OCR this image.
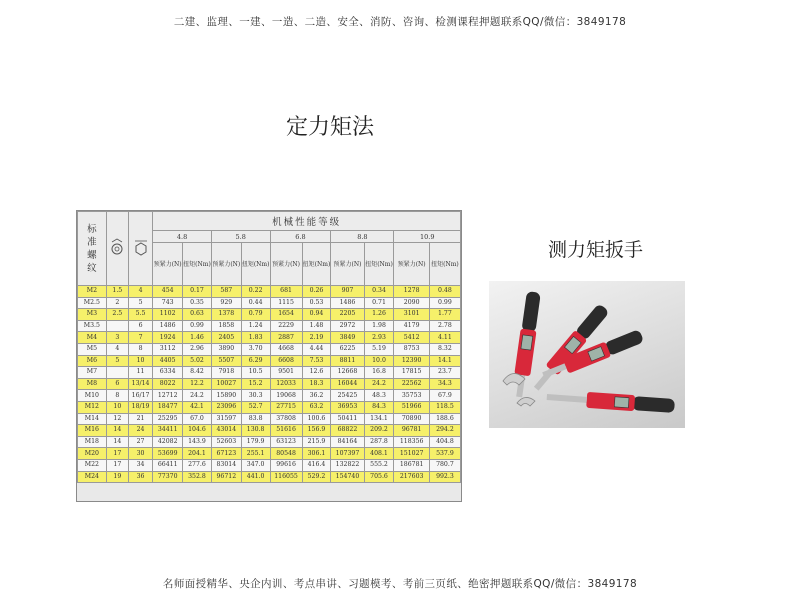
二建、监理、一建、一造、二造、安全、消防、咨询、检测课程押题联系QQ/微信：3849178
定力矩法
标
准
螺
纹			机械性能等级									
			4.8		5.8		6.8		8.8		10.9	
			预紧力(N)	扭矩(Nm)	预紧力(N)	扭矩(Nm)	预紧力(N)	扭矩(Nm)	预紧力(N)	扭矩(Nm)	预紧力(N)	扭矩(Nm)
M2	1.5	4	454	0.17	587	0.22	681	0.26	907	0.34	1278	0.48
M2.5	2	5	743	0.35	929	0.44	1115	0.53	1486	0.71	2090	0.99
M3	2.5	5.5	1102	0.63	1378	0.79	1654	0.94	2205	1.26	3101	1.77
M3.5		6	1486	0.99	1858	1.24	2229	1.48	2972	1.98	4179	2.78
M4	3	7	1924	1.46	2405	1.83	2887	2.19	3849	2.93	5412	4.11
M5	4	8	3112	2.96	3890	3.70	4668	4.44	6225	5.19	8753	8.32
M6	5	10	4405	5.02	5507	6.29	6608	7.53	8811	10.0	12390	14.1
M7		11	6334	8.42	7918	10.5	9501	12.6	12668	16.8	17815	23.7
M8	6	13/14	8022	12.2	10027	15.2	12033	18.3	16044	24.2	22562	34.3
M10	8	16/17	12712	24.2	15890	30.3	19068	36.2	25425	48.3	35753	67.9
M12	10	18/19	18477	42.1	23096	52.7	27715	63.2	36953	84.3	51966	118.5
M14	12	21	25295	67.0	31597	83.8	37808	100.6	50411	134.1	70890	188.6
M16	14	24	34411	104.6	43014	130.8	51616	156.9	68822	209.2	96781	294.2
M18	14	27	42082	143.9	52603	179.9	63123	215.9	84164	287.8	118356	404.8
M20	17	30	53699	204.1	67123	255.1	80548	306.1	107397	408.1	151027	537.9
M22	17	34	66411	277.6	83014	347.0	99616	416.4	132822	555.2	186781	780.7
M24	19	36	77370	352.8	96712	441.0	116055	529.2	154740	705.6	217603	992.3
测力矩扳手
名师面授精华、央企内训、考点串讲、习题模考、考前三页纸、绝密押题联系QQ/微信：3849178
